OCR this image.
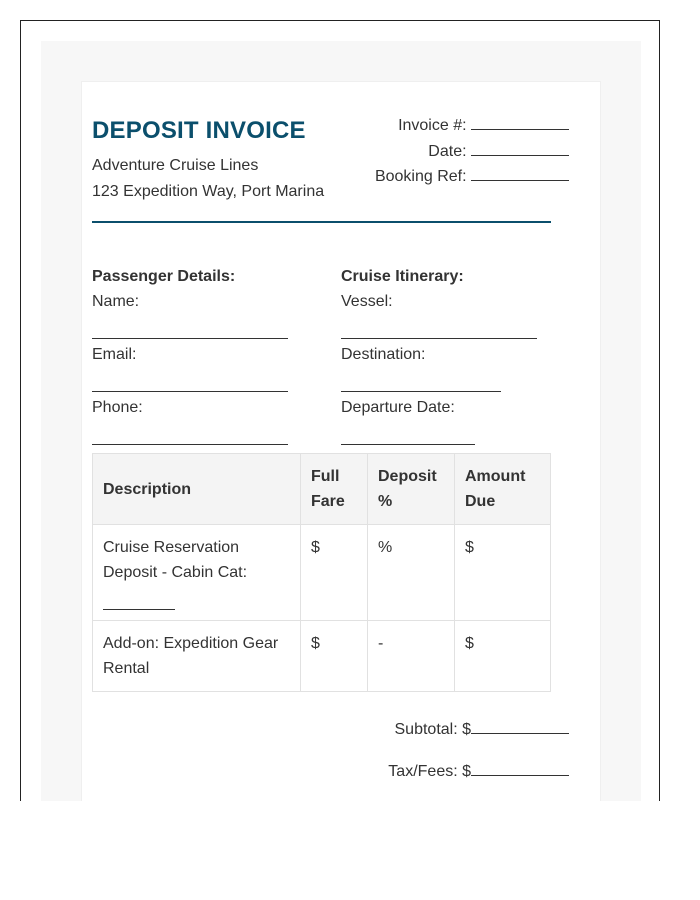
DEPOSIT INVOICE
Adventure Cruise Lines
123 Expedition Way, Port Marina
Invoice #:
Date:
Booking Ref:
Passenger Details:
Name:
Email:
Phone:
Cruise Itinerary:
Vessel:
Destination:
Departure Date:
Description	Full Fare	Deposit %	Amount Due
Cruise Reservation Deposit - Cabin Cat:	$	%	$
Add-on: Expedition Gear Rental	$	-	$
Subtotal: $
Tax/Fees: $
